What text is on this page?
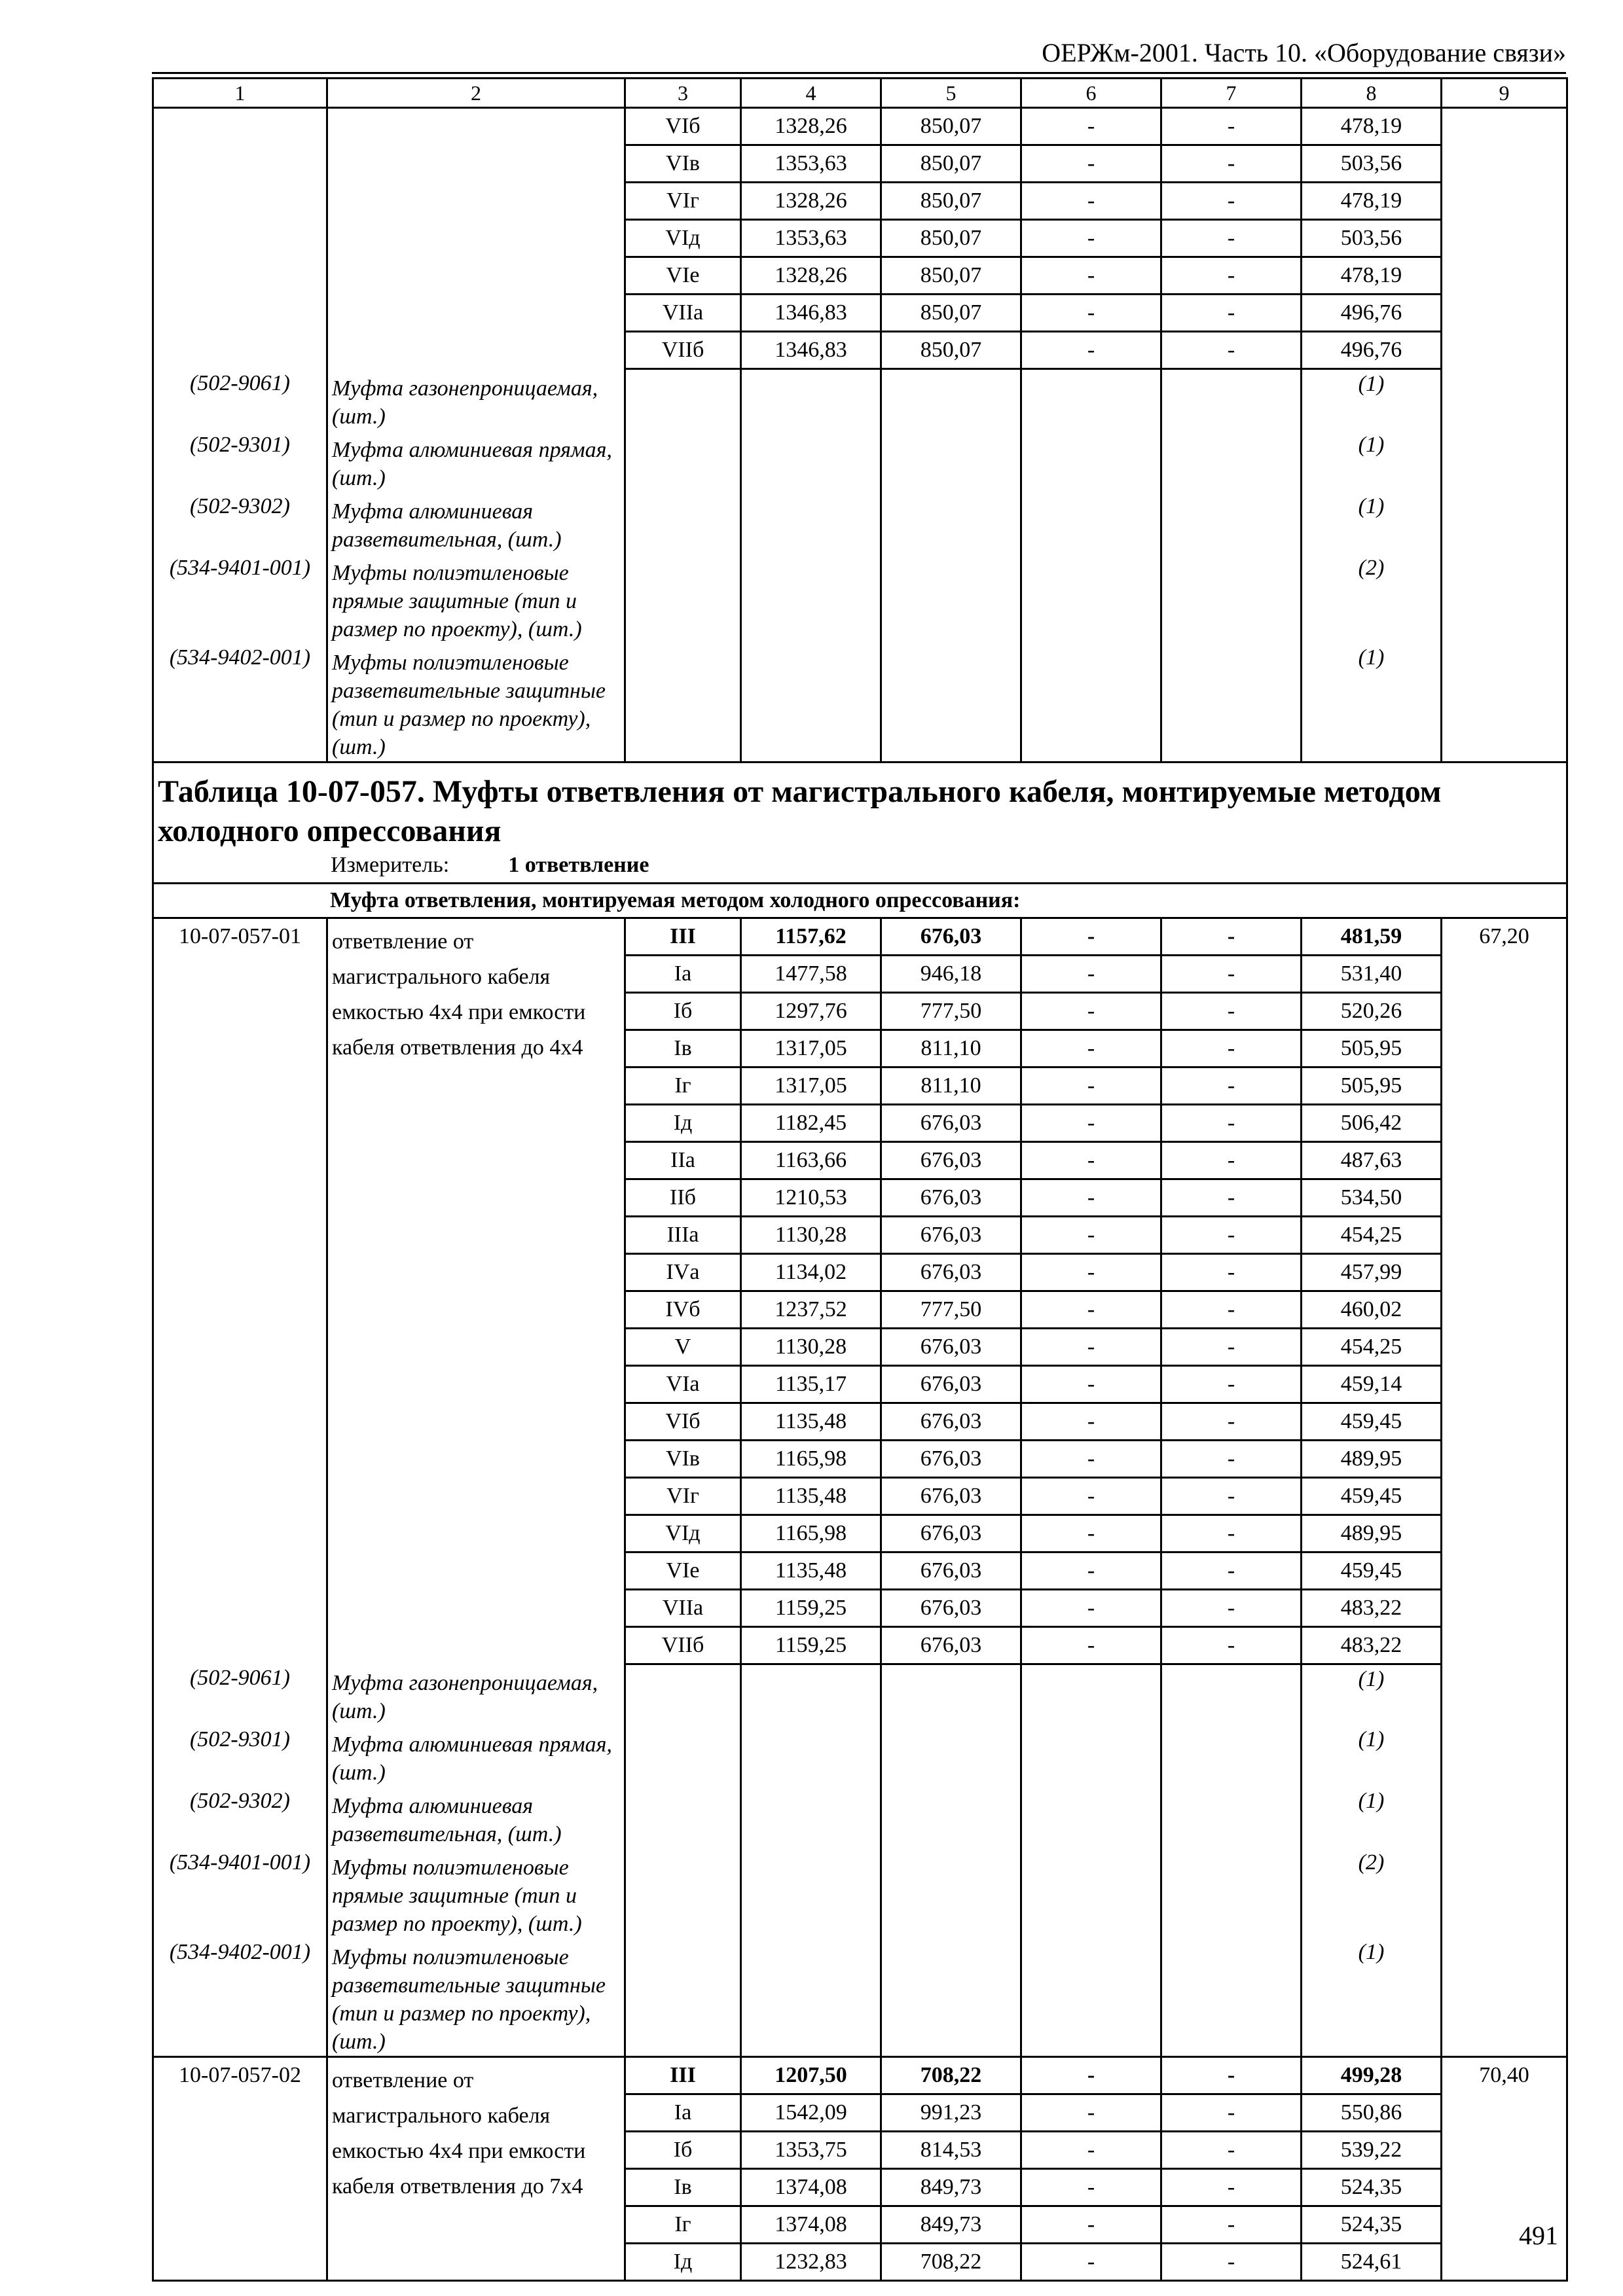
ОЕРЖм-2001. Часть 10. «Оборудование связи»
1	2	3	4	5	6	7	8	9
		VIб	1328,26	850,07	-	-	478,19	
		VIв	1353,63	850,07	-	-	503,56	
		VIг	1328,26	850,07	-	-	478,19	
		VIд	1353,63	850,07	-	-	503,56	
		VIе	1328,26	850,07	-	-	478,19	
		VIIа	1346,83	850,07	-	-	496,76	
		VIIб	1346,83	850,07	-	-	496,76	
(502-9061)	Муфта газонепроницаемая, (шт.)						(1)	
(502-9301)	Муфта алюминиевая прямая, (шт.)						(1)	
(502-9302)	Муфта алюминиевая разветвительная, (шт.)						(1)	
(534-9401-001)	Муфты полиэтиленовые прямые защитные (тип и размер по проекту), (шт.)						(2)	
(534-9402-001)	Муфты полиэтиленовые разветвительные защитные (тип и размер по проекту), (шт.)						(1)	
Таблица 10-07-057. Муфты ответвления от магистрального кабеля, монтируемые методом холодного опрессования
Измеритель: 1 ответвление								

Муфта ответвления, монтируемая методом холодного опрессования:								
10-07-057-01	ответвление от магистрального кабеля емкостью 4х4 при емкости кабеля ответвления до 4х4	III	1157,62	676,03	-	-	481,59	67,20
		Iа	1477,58	946,18	-	-	531,40	
		Iб	1297,76	777,50	-	-	520,26	
		Iв	1317,05	811,10	-	-	505,95	
		Iг	1317,05	811,10	-	-	505,95	
		Iд	1182,45	676,03	-	-	506,42	
		IIа	1163,66	676,03	-	-	487,63	
		IIб	1210,53	676,03	-	-	534,50	
		IIIа	1130,28	676,03	-	-	454,25	
		IVа	1134,02	676,03	-	-	457,99	
		IVб	1237,52	777,50	-	-	460,02	
		V	1130,28	676,03	-	-	454,25	
		VIа	1135,17	676,03	-	-	459,14	
		VIб	1135,48	676,03	-	-	459,45	
		VIв	1165,98	676,03	-	-	489,95	
		VIг	1135,48	676,03	-	-	459,45	
		VIд	1165,98	676,03	-	-	489,95	
		VIе	1135,48	676,03	-	-	459,45	
		VIIа	1159,25	676,03	-	-	483,22	
		VIIб	1159,25	676,03	-	-	483,22	
(502-9061)	Муфта газонепроницаемая, (шт.)						(1)	
(502-9301)	Муфта алюминиевая прямая, (шт.)						(1)	
(502-9302)	Муфта алюминиевая разветвительная, (шт.)						(1)	
(534-9401-001)	Муфты полиэтиленовые прямые защитные (тип и размер по проекту), (шт.)						(2)	
(534-9402-001)	Муфты полиэтиленовые разветвительные защитные (тип и размер по проекту), (шт.)						(1)	
10-07-057-02	ответвление от магистрального кабеля емкостью 4х4 при емкости кабеля ответвления до 7х4	III	1207,50	708,22	-	-	499,28	70,40
		Iа	1542,09	991,23	-	-	550,86	
		Iб	1353,75	814,53	-	-	539,22	
		Iв	1374,08	849,73	-	-	524,35	
		Iг	1374,08	849,73	-	-	524,35	
		Iд	1232,83	708,22	-	-	524,61	
491
